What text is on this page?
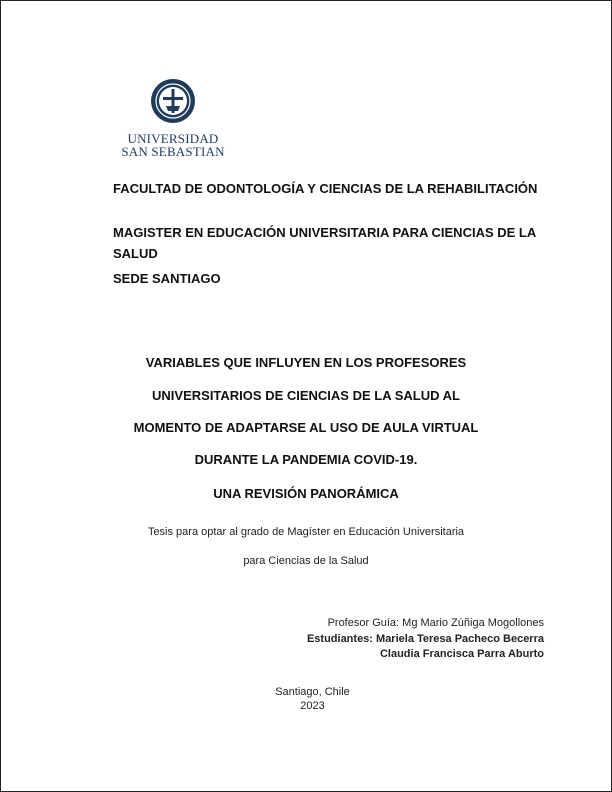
UNIVERSIDAD
SAN SEBASTIAN
FACULTAD DE ODONTOLOGÍA Y CIENCIAS DE LA REHABILITACIÓN
MAGISTER EN EDUCACIÓN UNIVERSITARIA PARA CIENCIAS DE LA SALUD
SEDE SANTIAGO
VARIABLES QUE INFLUYEN EN LOS PROFESORES
UNIVERSITARIOS DE CIENCIAS DE LA SALUD AL
MOMENTO DE ADAPTARSE AL USO DE AULA VIRTUAL
DURANTE LA PANDEMIA COVID-19.
UNA REVISIÓN PANORÁMICA
Tesis para optar al grado de Magíster en Educación Universitaria
para Ciencias de la Salud
Profesor Guía: Mg Mario Zúñiga Mogollones
Estudiantes: Mariela Teresa Pacheco Becerra
Claudia Francisca Parra Aburto
Santiago, Chile
2023
